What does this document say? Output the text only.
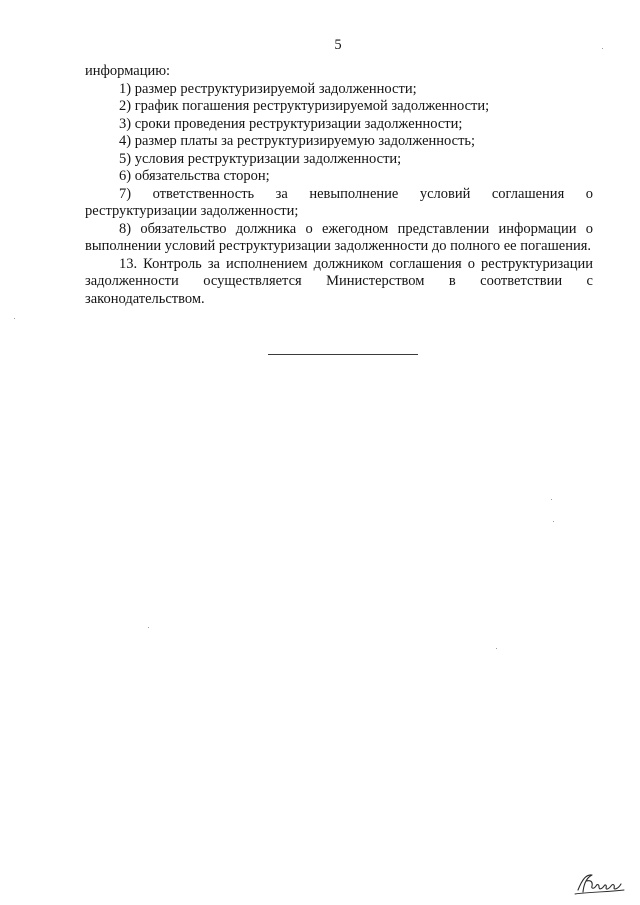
5

информацию:

1) размер реструктуризируемой задолженности;

2) график погашения реструктуризируемой задолженности;

3) сроки проведения реструктуризации задолженности;

4) размер платы за реструктуризируемую задолженность;

5) условия реструктуризации задолженности;

6) обязательства сторон;

7) ответственность за невыполнение условий соглашения о реструктуризации задолженности;

8) обязательство должника о ежегодном представлении информации о выполнении условий реструктуризации задолженности до полного ее погашения.

13. Контроль за исполнением должником соглашения о реструктуризации задолженности осуществляется Министерством в соответствии с законодательством.
